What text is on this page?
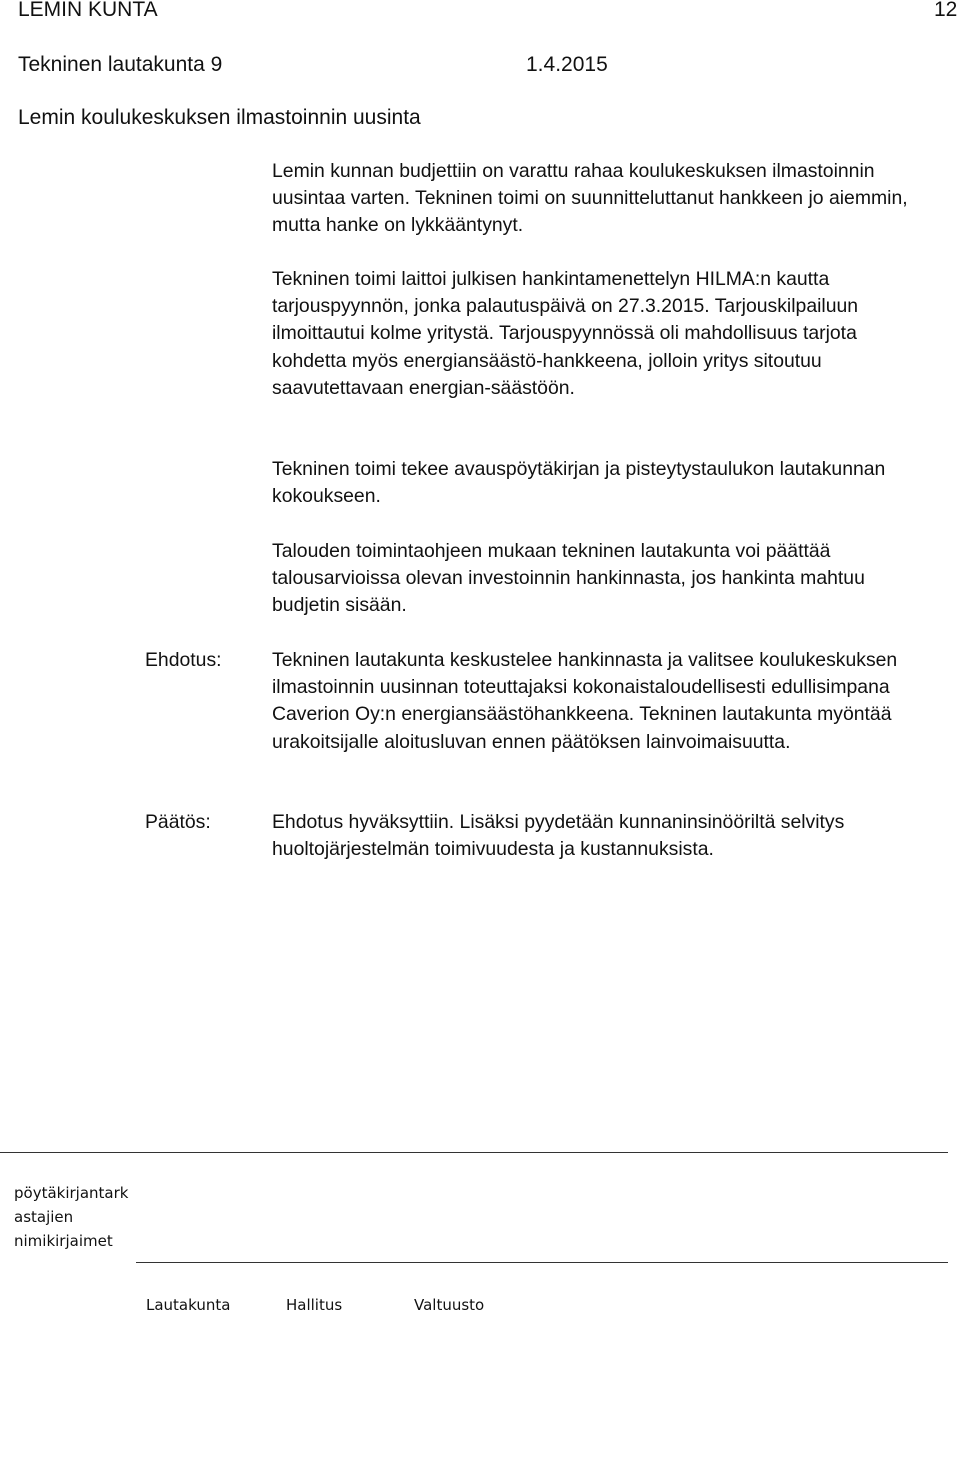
LEMIN KUNTA	12
Tekninen lautakunta 9	1.4.2015
Lemin koulukeskuksen ilmastoinnin uusinta

Lemin kunnan budjettiin on varattu rahaa koulukeskuksen ilmastoinnin uusintaa varten. Tekninen toimi on suunnitteluttanut hankkeen jo aiemmin, mutta hanke on lykkääntynyt.

Tekninen toimi laittoi julkisen hankintamenettelyn HILMA:n kautta tarjouspyynnön, jonka palautuspäivä on 27.3.2015. Tarjouskilpailuun ilmoittautui kolme yritystä. Tarjouspyynnössä oli mahdollisuus tarjota kohdetta myös energiansäästö-hankkeena, jolloin yritys sitoutuu saavutettavaan energian-säästöön.

Tekninen toimi tekee avauspöytäkirjan ja pisteytystaulukon lautakunnan kokoukseen.

Talouden toimintaohjeen mukaan tekninen lautakunta voi päättää talousarvioissa olevan investoinnin hankinnasta, jos hankinta mahtuu budjetin sisään.

Ehdotus:	Tekninen lautakunta keskustelee hankinnasta ja valitsee koulukeskuksen ilmastoinnin uusinnan toteuttajaksi kokonaistaloudellisesti edullisimpana Caverion Oy:n energiansäästöhankkeena. Tekninen lautakunta myöntää urakoitsijalle aloitusluvan ennen päätöksen lainvoimaisuutta.

Päätös:	Ehdotus hyväksyttiin. Lisäksi pyydetään kunnaninsinööriltä selvitys huoltojärjestelmän toimivuudesta ja kustannuksista.

pöytäkirjantark
astajien
nimikirjaimet
Lautakunta	Hallitus	Valtuusto
